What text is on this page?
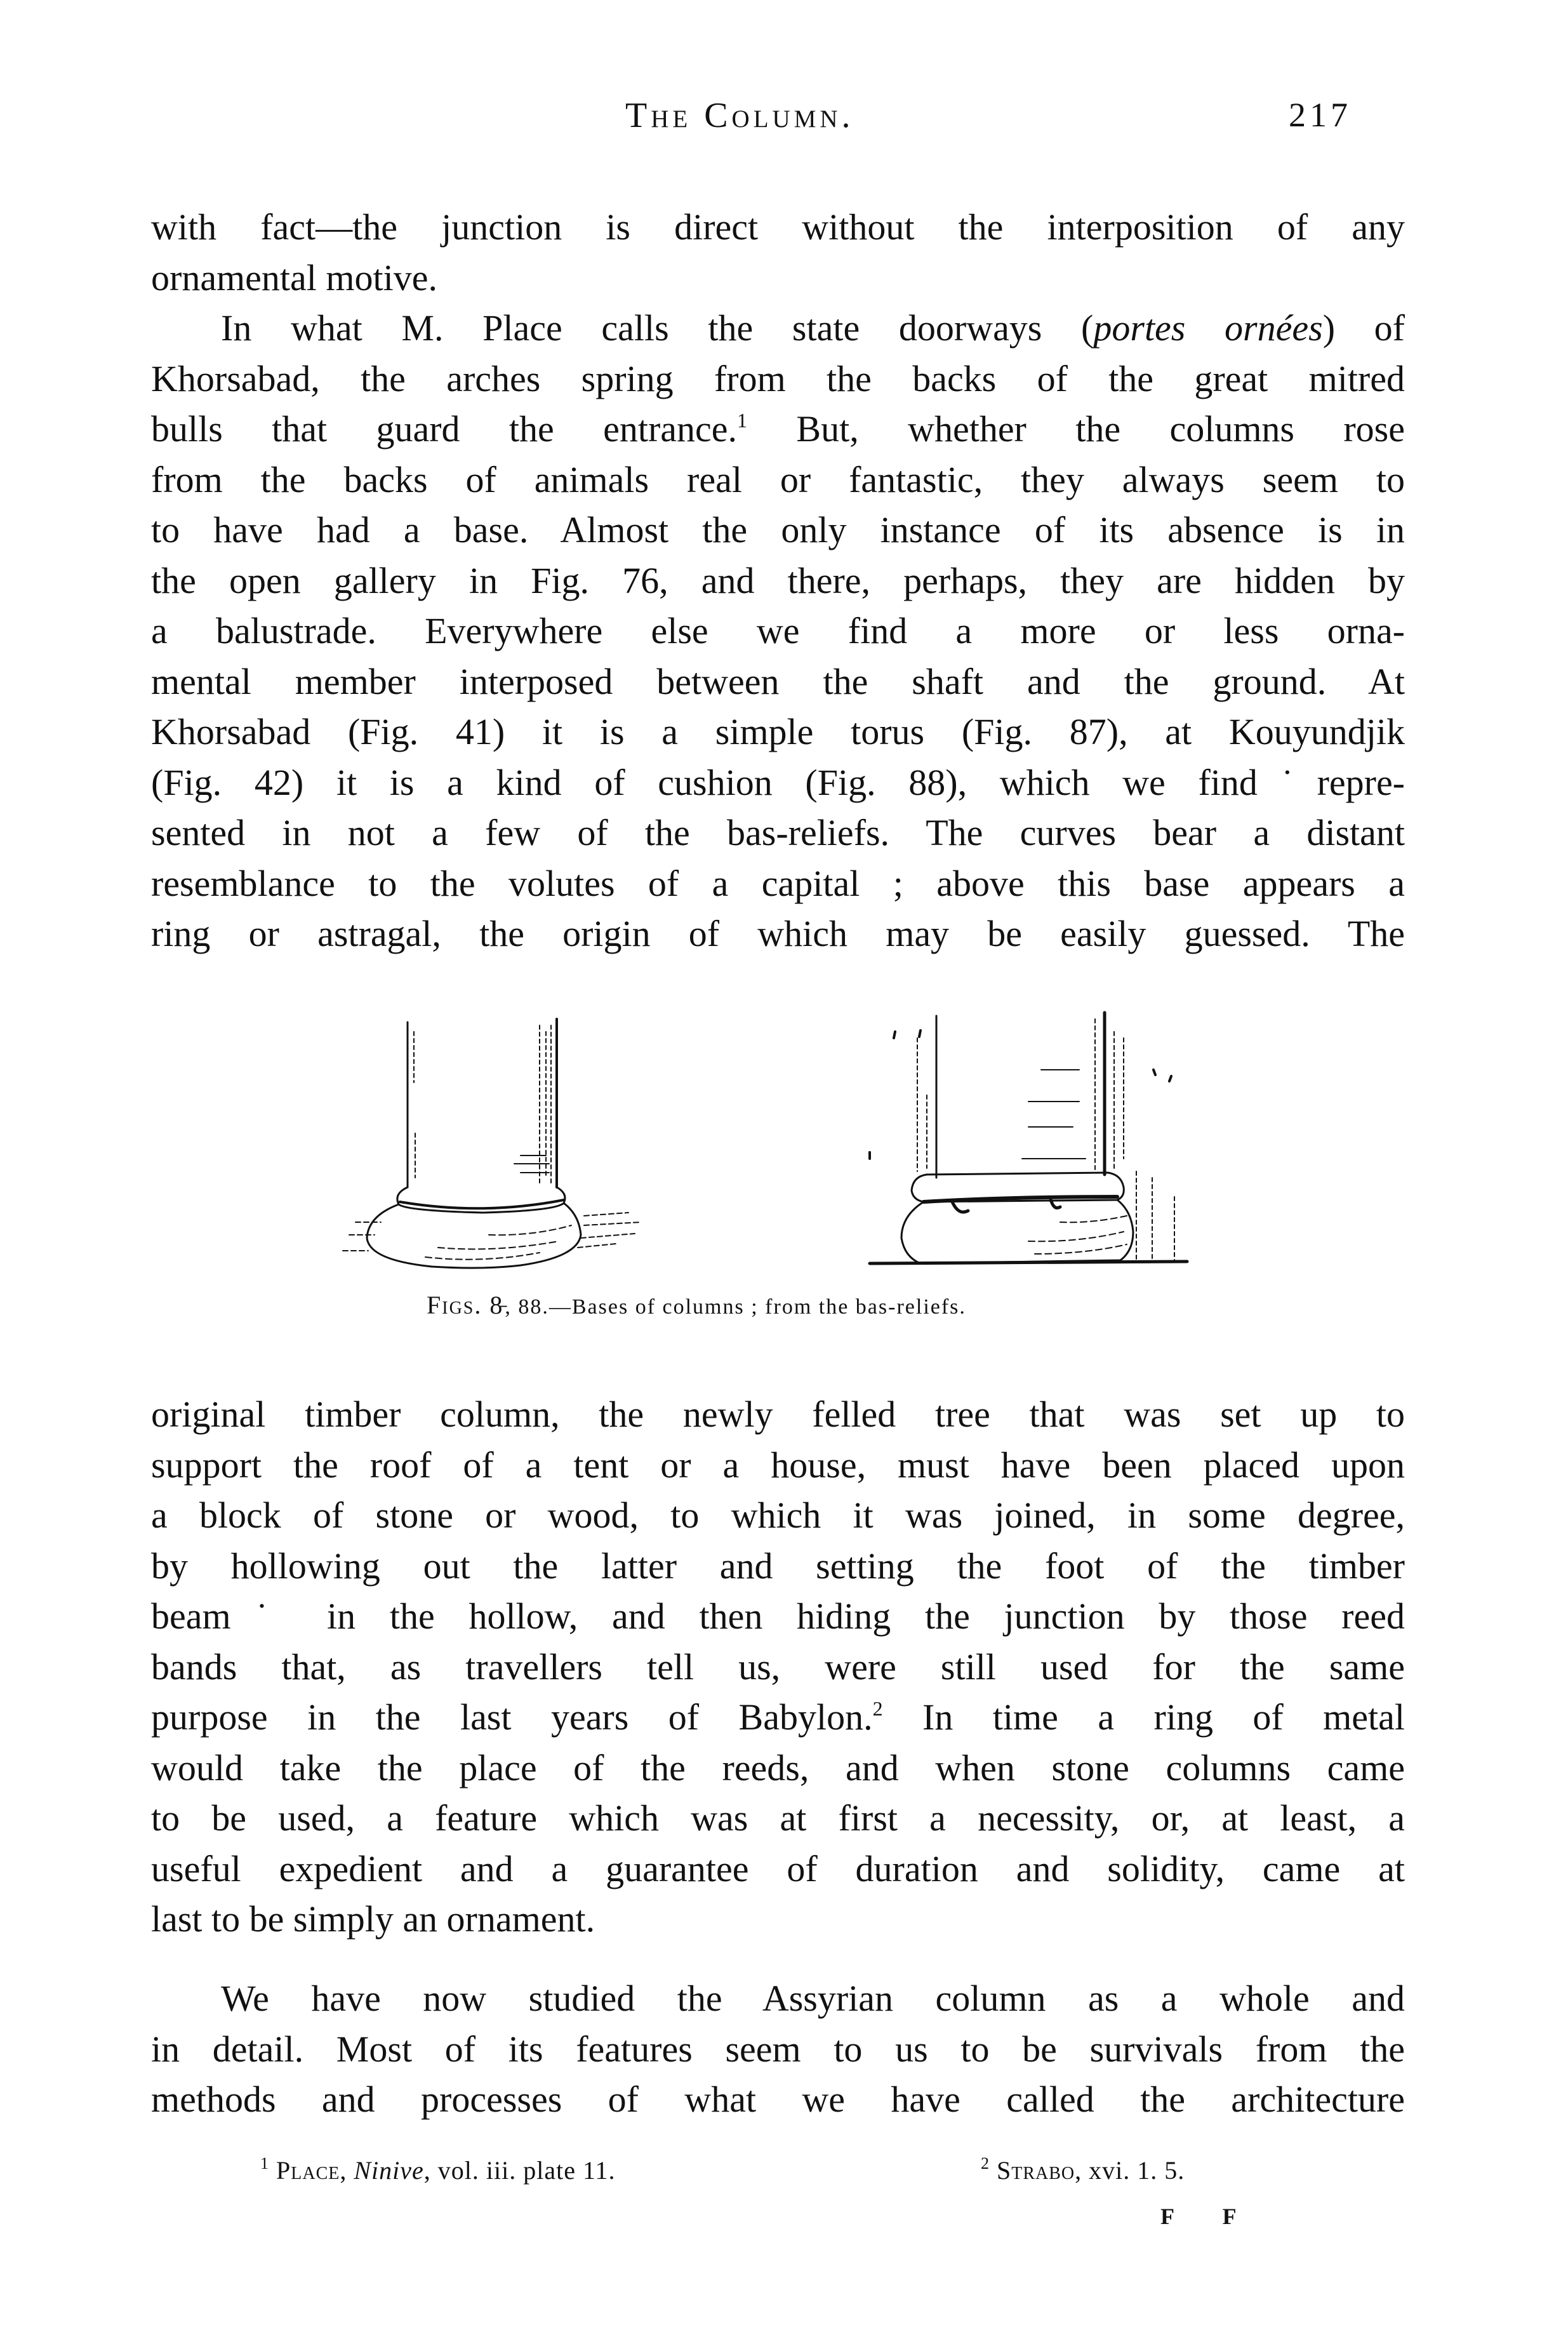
The Column.	217
with fact—the junction is direct without the interposition of any
ornamental motive.
In what M. Place calls the state doorways (portes ornées) of
Khorsabad, the arches spring from the backs of the great mitred
bulls that guard the entrance.$^1$ But, whether the columns rose
from the backs of animals real or fantastic, they always seem to
to have had a base. Almost the only instance of its absence is in
the open gallery in Fig. 76, and there, perhaps, they are hidden by
a balustrade. Everywhere else we find a more or less orna-
mental member interposed between the shaft and the ground. At
Khorsabad (Fig. 41) it is a simple torus (Fig. 87), at Kouyundjik
(Fig. 42) it is a kind of cushion (Fig. 88), which we find˙repre-
sented in not a few of the bas-reliefs. The curves bear a distant
resemblance to the volutes of a capital ; above this base appears a
ring or astragal, the origin of which may be easily guessed. The
Figs. 8̵, 88.—Bases of columns ; from the bas-reliefs.
original timber column, the newly felled tree that was set up to
support the roof of a tent or a house, must have been placed upon
a block of stone or wood, to which it was joined, in some degree,
by hollowing out the latter and setting the foot of the timber
beam˙ in the hollow, and then hiding the junction by those reed
bands that, as travellers tell us, were still used for the same
purpose in the last years of Babylon.$^2$ In time a ring of metal
would take the place of the reeds, and when stone columns came
to be used, a feature which was at first a necessity, or, at least, a
useful expedient and a guarantee of duration and solidity, came at
last to be simply an ornament.
We have now studied the Assyrian column as a whole and
in detail. Most of its features seem to us to be survivals from the
methods and processes of what we have called the architecture
$^1$ Place, Ninive, vol. iii. plate 11.	$^2$ Strabo, xvi. 1. 5.
F F
